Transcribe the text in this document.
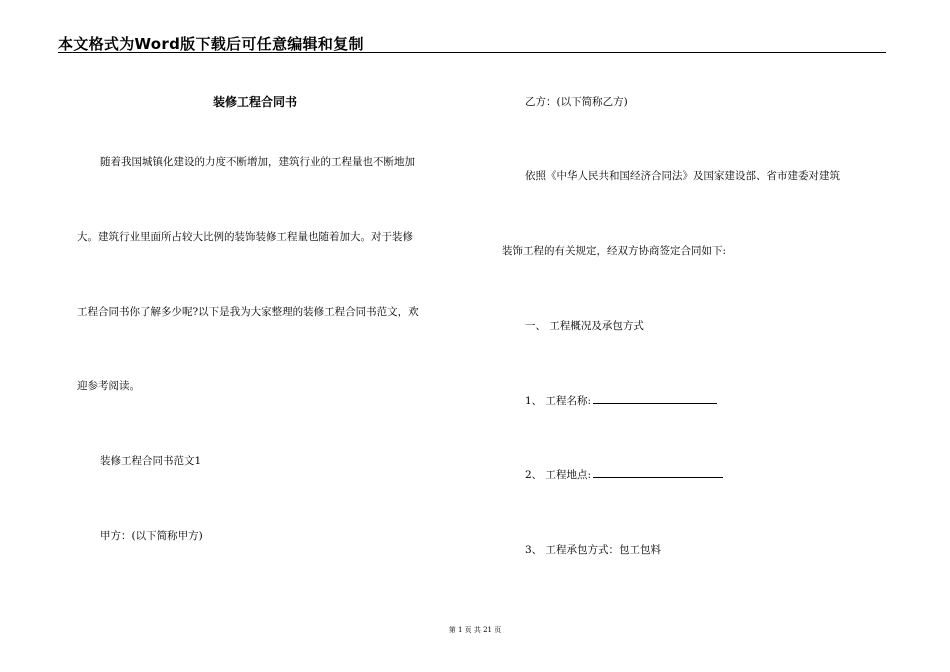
本文格式为Word版下载后可任意编辑和复制
装修工程合同书
随着我国城镇化建设的力度不断增加，建筑行业的工程量也不断地加
大。建筑行业里面所占较大比例的装饰装修工程量也随着加大。对于装修
工程合同书你了解多少呢?以下是我为大家整理的装修工程合同书范文，欢
迎参考阅读。
装修工程合同书范文1
甲方：(以下简称甲方)
乙方：(以下简称乙方)
依照《中华人民共和国经济合同法》及国家建设部、省市建委对建筑
装饰工程的有关规定，经双方协商签定合同如下:
一、 工程概况及承包方式
1、 工程名称:
2、 工程地点:
3、 工程承包方式：包工包料
第 1 页 共 21 页
